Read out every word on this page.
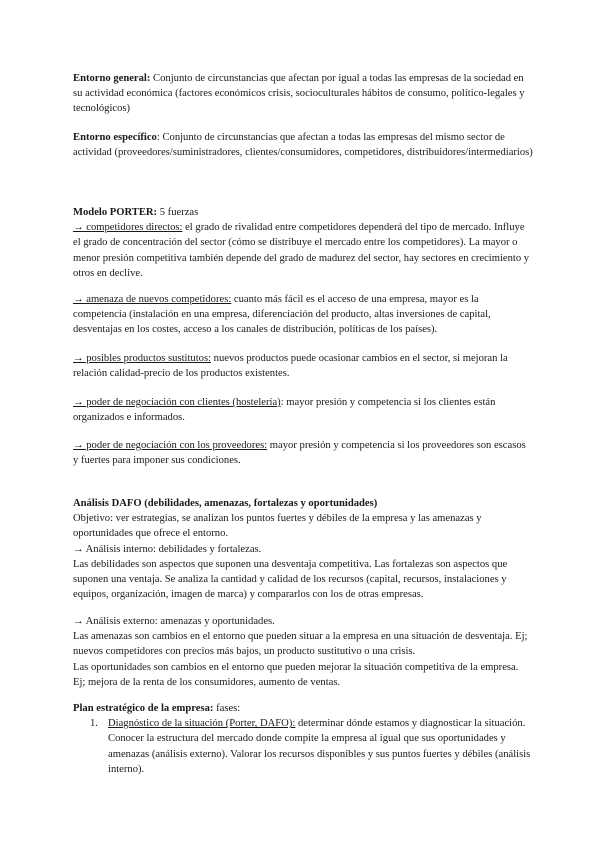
Entorno general: Conjunto de circunstancias que afectan por igual a todas las empresas de la sociedad en su actividad económica (factores económicos crisis, socioculturales hábitos de consumo, político-legales y tecnológicos)

Entorno específico: Conjunto de circunstancias que afectan a todas las empresas del mismo sector de actividad (proveedores/suministradores, clientes/consumidores, competidores, distribuidores/intermediarios)

Modelo PORTER: 5 fuerzas

→ competidores directos: el grado de rivalidad entre competidores dependerá del tipo de mercado. Influye el grado de concentración del sector (cómo se distribuye el mercado entre los competidores). La mayor o menor presión competitiva también depende del grado de madurez del sector, hay sectores en crecimiento y otros en declive.

→ amenaza de nuevos competidores: cuanto más fácil es el acceso de una empresa, mayor es la competencia (instalación en una empresa, diferenciación del producto, altas inversiones de capital, desventajas en los costes, acceso a los canales de distribución, políticas de los países).

→ posibles productos sustitutos: nuevos productos puede ocasionar cambios en el sector, si mejoran la relación calidad-precio de los productos existentes.

→ poder de negociación con clientes (hostelería): mayor presión y competencia si los clientes están organizados e informados.

→ poder de negociación con los proveedores: mayor presión y competencia si los proveedores son escasos y fuertes para imponer sus condiciones.

Análisis DAFO (debilidades, amenazas, fortalezas y oportunidades)

Objetivo: ver estrategias, se analizan los puntos fuertes y débiles de la empresa y las amenazas y oportunidades que ofrece el entorno.

→ Análisis interno: debilidades y fortalezas.

Las debilidades son aspectos que suponen una desventaja competitiva. Las fortalezas son aspectos que suponen una ventaja. Se analiza la cantidad y calidad de los recursos (capital, recursos, instalaciones y equipos, organización, imagen de marca) y compararlos con los de otras empresas.

→ Análisis externo: amenazas y oportunidades.

Las amenazas son cambios en el entorno que pueden situar a la empresa en una situación de desventaja. Ej; nuevos competidores con precios más bajos, un producto sustitutivo o una crisis.

Las oportunidades son cambios en el entorno que pueden mejorar la situación competitiva de la empresa. Ej; mejora de la renta de los consumidores, aumento de ventas.

Plan estratégico de la empresa: fases:

1. Diagnóstico de la situación (Porter, DAFO): determinar dónde estamos y diagnosticar la situación. Conocer la estructura del mercado donde compite la empresa al igual que sus oportunidades y amenazas (análisis externo). Valorar los recursos disponibles y sus puntos fuertes y débiles (análisis interno).
